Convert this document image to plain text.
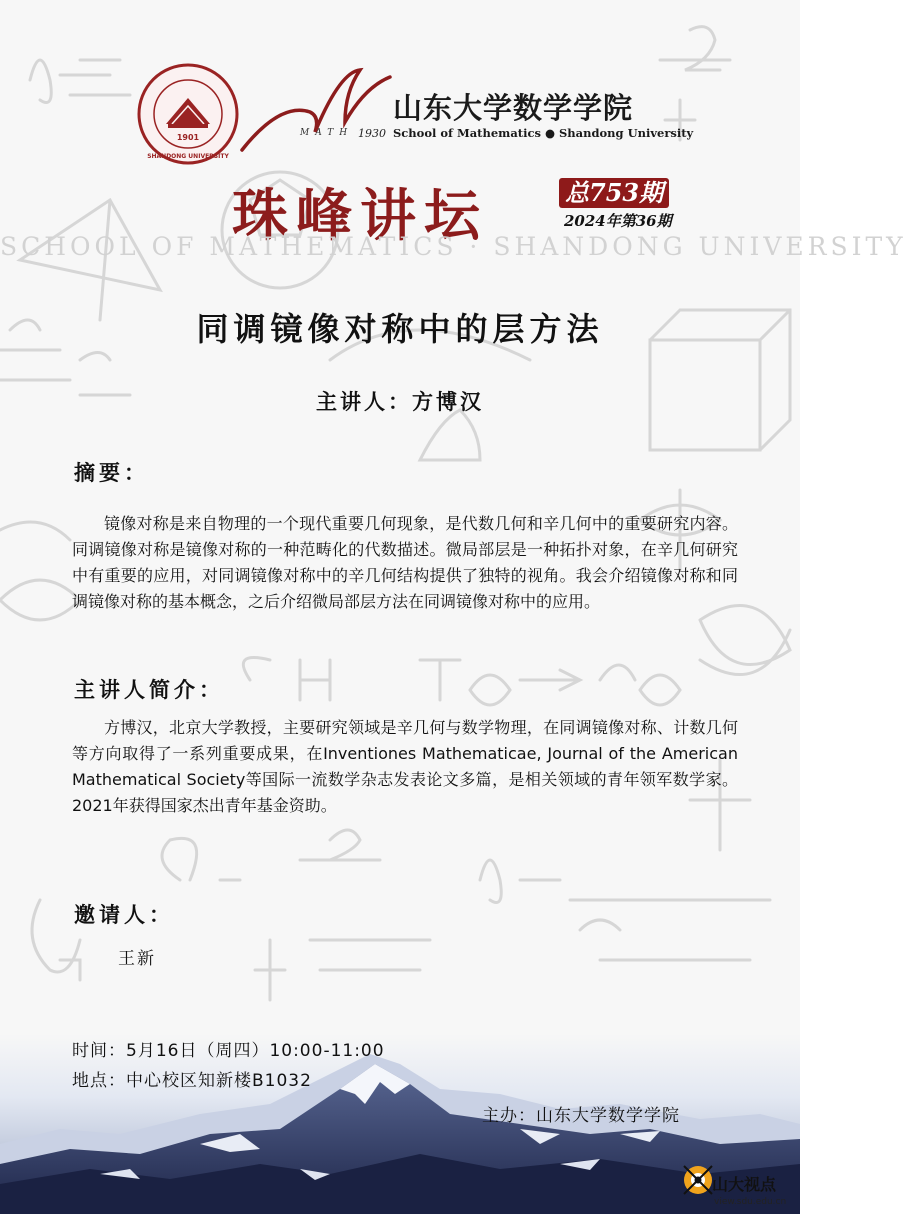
1901
SHANDONG UNIVERSITY
MATH 1930
山东大学数学学院
School of Mathematics ● Shandong University
珠峰讲坛	总753期
2024年第36期
SCHOOL OF MATHEMATICS · SHANDONG UNIVERSITY
同调镜像对称中的层方法
主讲人：方博汉
摘要：

镜像对称是来自物理的一个现代重要几何现象，是代数几何和辛几何中的重要研究内容。同调镜像对称是镜像对称的一种范畴化的代数描述。微局部层是一种拓扑对象，在辛几何研究中有重要的应用，对同调镜像对称中的辛几何结构提供了独特的视角。我会介绍镜像对称和同调镜像对称的基本概念，之后介绍微局部层方法在同调镜像对称中的应用。

主讲人简介：

方博汉，北京大学教授，主要研究领域是辛几何与数学物理，在同调镜像对称、计数几何等方向取得了一系列重要成果，在Inventiones Mathematicae, Journal of the American Mathematical Society等国际一流数学杂志发表论文多篇，是相关领域的青年领军数学家。2021年获得国家杰出青年基金资助。

邀请人：
王新
时间：5月16日（周四）10:00-11:00
地点：中心校区知新楼B1032
主办：山东大学数学学院
山大视点
view.sdu.edu.cn
